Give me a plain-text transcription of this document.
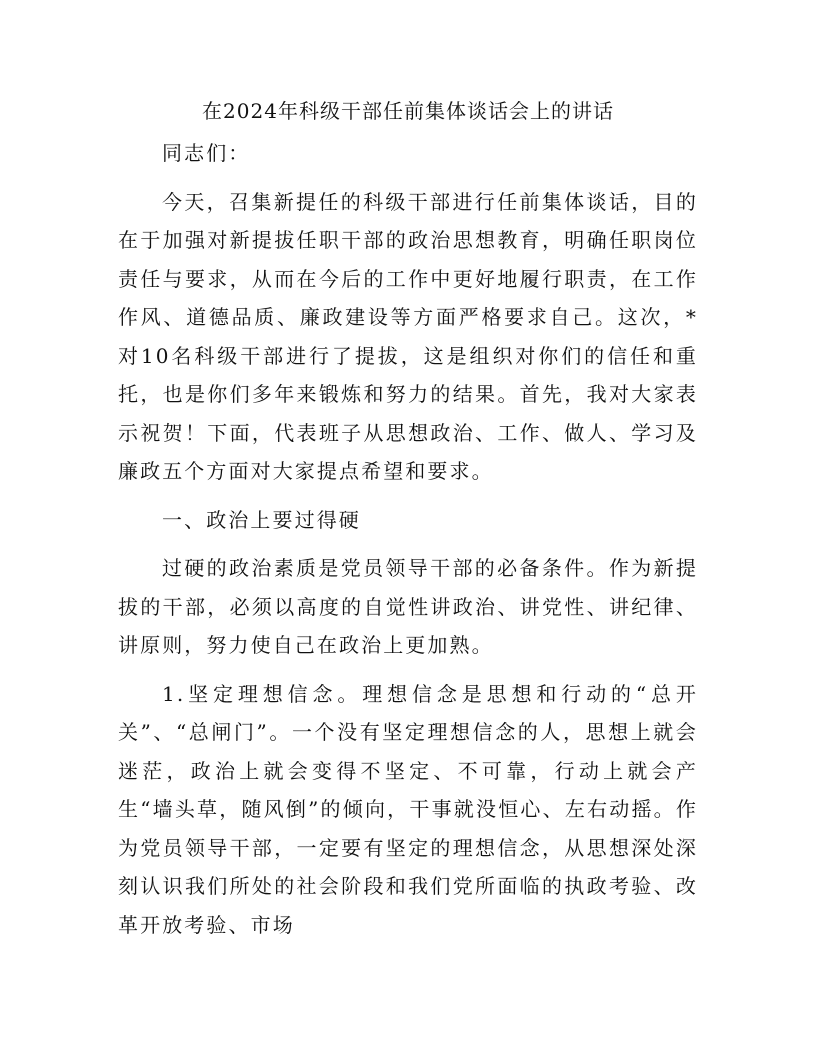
在2024年科级干部任前集体谈话会上的讲话
同志们：
今天，召集新提任的科级干部进行任前集体谈话，目的在于加强对新提拔任职干部的政治思想教育，明确任职岗位责任与要求，从而在今后的工作中更好地履行职责，在工作作风、道德品质、廉政建设等方面严格要求自己。这次，*对10名科级干部进行了提拔，这是组织对你们的信任和重托，也是你们多年来锻炼和努力的结果。首先，我对大家表示祝贺！下面，代表班子从思想政治、工作、做人、学习及廉政五个方面对大家提点希望和要求。
一、政治上要过得硬
过硬的政治素质是党员领导干部的必备条件。作为新提拔的干部，必须以高度的自觉性讲政治、讲党性、讲纪律、讲原则，努力使自己在政治上更加熟。
1.坚定理想信念。理想信念是思想和行动的“总开关”、“总闸门”。一个没有坚定理想信念的人，思想上就会迷茫，政治上就会变得不坚定、不可靠，行动上就会产生“墙头草，随风倒”的倾向，干事就没恒心、左右动摇。作为党员领导干部，一定要有坚定的理想信念，从思想深处深刻认识我们所处的社会阶段和我们党所面临的执政考验、改革开放考验、市场
